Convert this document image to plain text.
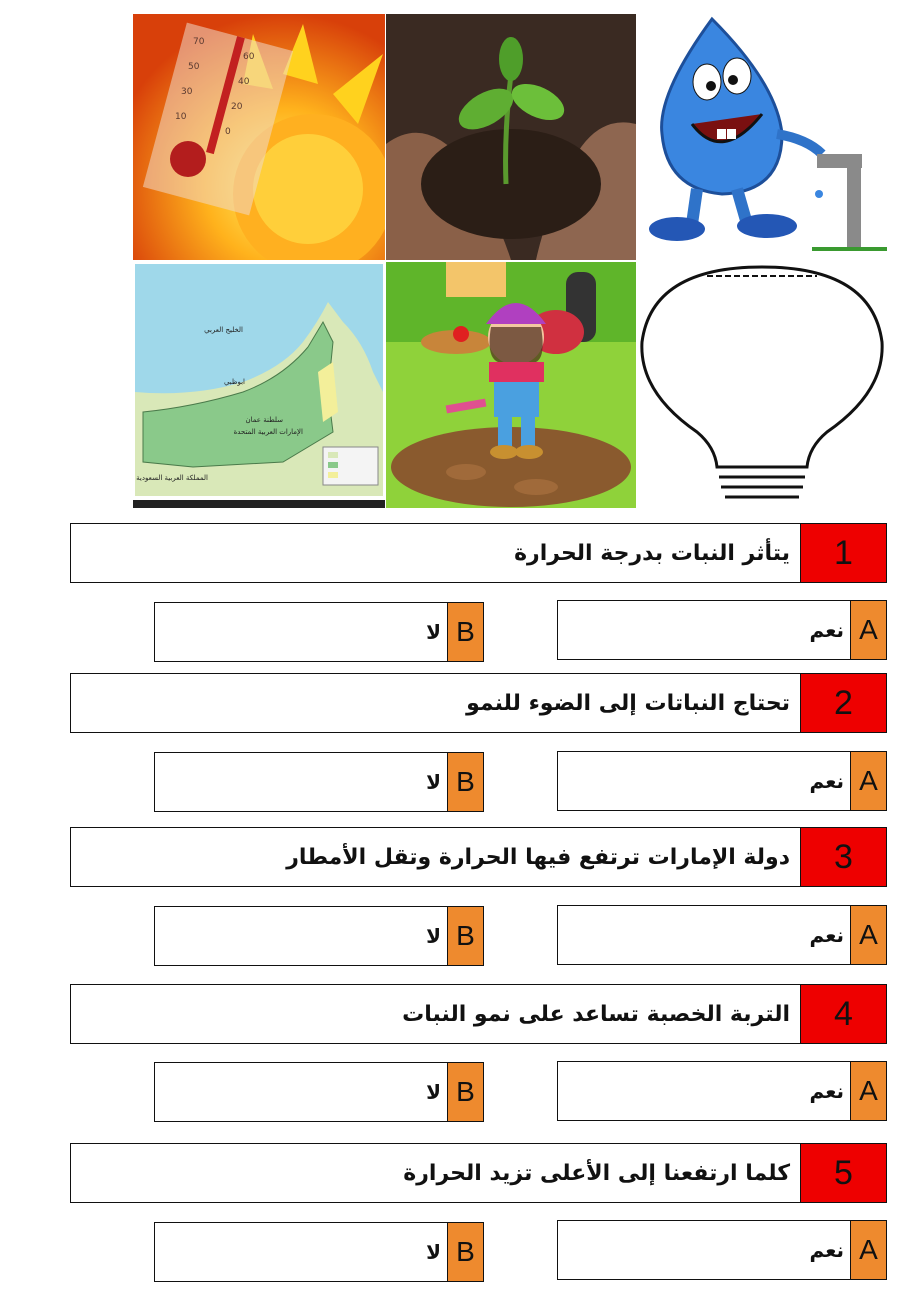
70
50
30
10
60
40
20
0
الخليج العربي
الإمارات العربية المتحدة
سلطنة عمان
المملكة العربية السعودية
ابوظبي
يتأثر النبات بدرجة الحرارة	1
نعم A
لا B
تحتاج النباتات إلى الضوء للنمو	2
نعم A
لا B
دولة الإمارات ترتفع فيها الحرارة وتقل الأمطار	3
نعم A
لا B
التربة الخصبة تساعد على نمو النبات	4
نعم A
لا B
كلما ارتفعنا إلى الأعلى تزيد الحرارة	5
نعم A
لا B
